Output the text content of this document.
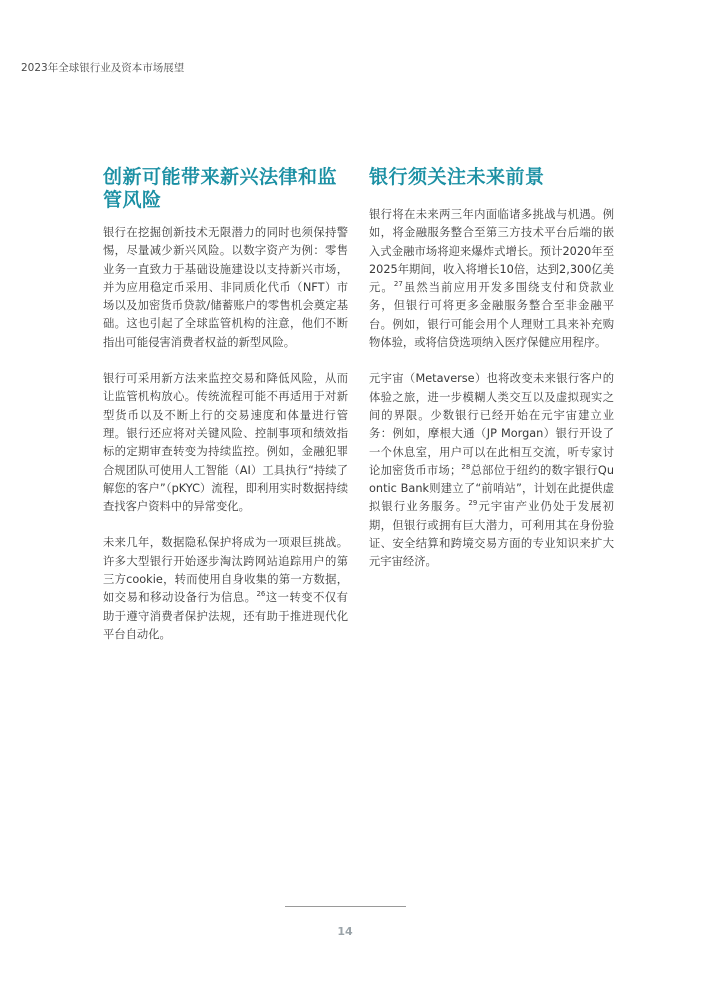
2023年全球银行业及资本市场展望
创新可能带来新兴法律和监管风险

银行在挖掘创新技术无限潜力的同时也须保持警惕，尽量减少新兴风险。以数字资产为例：零售业务一直致力于基础设施建设以支持新兴市场，并为应用稳定币采用、非同质化代币（NFT）市场以及加密货币贷款/储蓄账户的零售机会奠定基础。这也引起了全球监管机构的注意，他们不断指出可能侵害消费者权益的新型风险。

银行可采用新方法来监控交易和降低风险，从而让监管机构放心。传统流程可能不再适用于对新型货币以及不断上行的交易速度和体量进行管理。银行还应将对关键风险、控制事项和绩效指标的定期审查转变为持续监控。例如，金融犯罪合规团队可使用人工智能（AI）工具执行“持续了解您的客户”（pKYC）流程，即利用实时数据持续查找客户资料中的异常变化。

未来几年，数据隐私保护将成为一项艰巨挑战。许多大型银行开始逐步淘汰跨网站追踪用户的第三方cookie，转而使用自身收集的第一方数据，如交易和移动设备行为信息。$^{26}$这一转变不仅有助于遵守消费者保护法规，还有助于推进现代化平台自动化。

银行须关注未来前景

银行将在未来两三年内面临诸多挑战与机遇。例如，将金融服务整合至第三方技术平台后端的嵌入式金融市场将迎来爆炸式增长。预计2020年至2025年期间，收入将增长10倍，达到2,300亿美元。$^{27}$虽然当前应用开发多围绕支付和贷款业务，但银行可将更多金融服务整合至非金融平台。例如，银行可能会用个人理财工具来补充购物体验，或将信贷选项纳入医疗保健应用程序。

元宇宙（Metaverse）也将改变未来银行客户的体验之旅，进一步模糊人类交互以及虚拟现实之间的界限。少数银行已经开始在元宇宙建立业务：例如，摩根大通（JP Morgan）银行开设了一个休息室，用户可以在此相互交流，听专家讨论加密货币市场；$^{28}$总部位于纽约的数字银行Quontic Bank则建立了“前哨站”，计划在此提供虚拟银行业务服务。$^{29}$元宇宙产业仍处于发展初期，但银行或拥有巨大潜力，可利用其在身份验证、安全结算和跨境交易方面的专业知识来扩大元宇宙经济。

14
